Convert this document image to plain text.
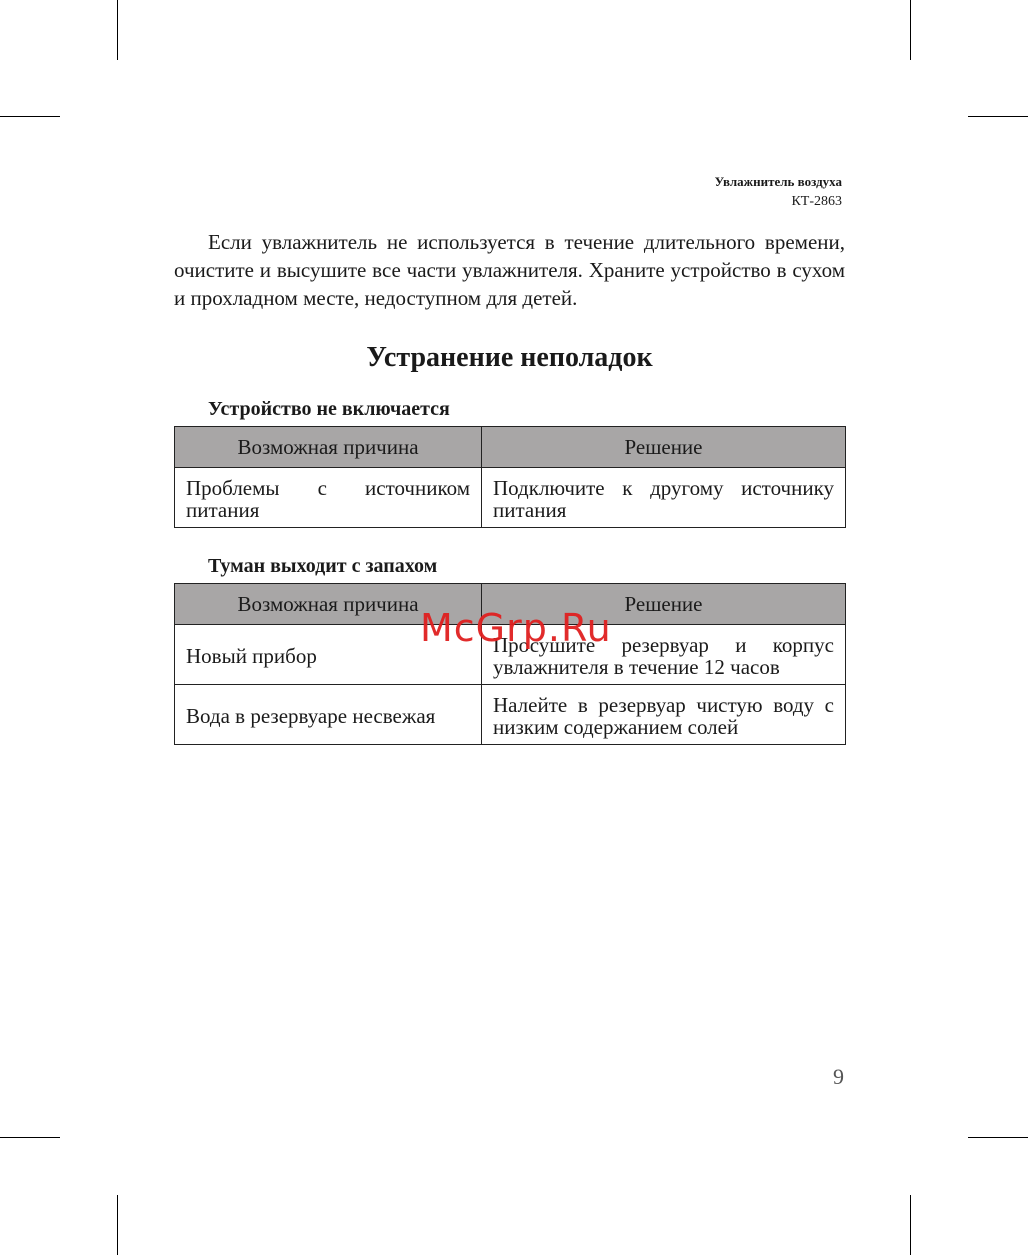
Увлажнитель воздуха
КТ-2863

Если увлажнитель не используется в течение длительного времени, очистите и высушите все части увлажнителя. Храните устройство в сухом и прохладном месте, недоступном для детей.

Устранение неполадок
Устройство не включается
Возможная причина	Решение
Проблемы с источником питания	Подключите к другому источнику питания
Туман выходит с запахом
Возможная причина	Решение
Новый прибор	Просушите резервуар и корпус увлажнителя в течение 12 часов
Вода в резервуаре несвежая	Налейте в резервуар чистую воду с низким содержанием солей
McGrp.Ru
9
